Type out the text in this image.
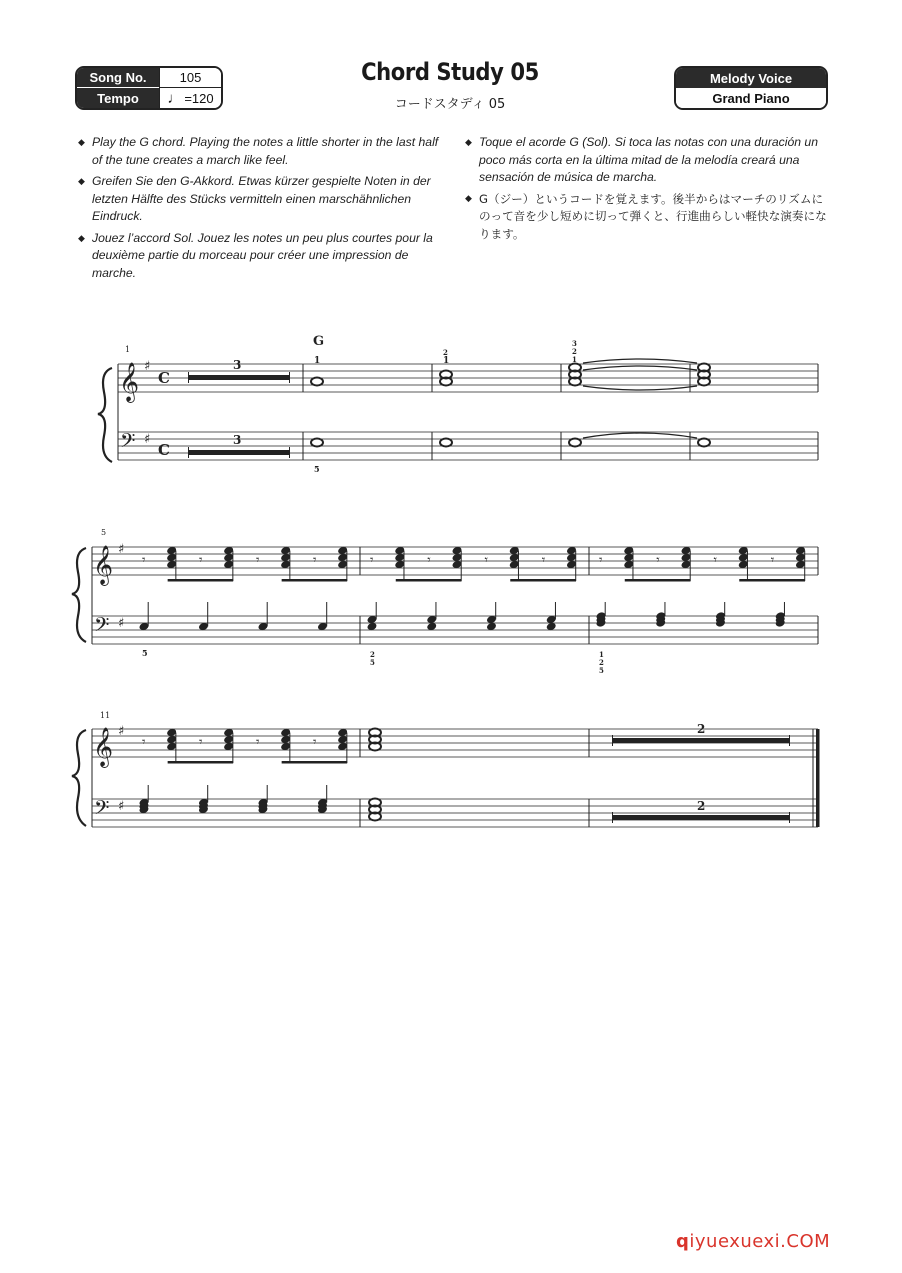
Song No.	105
Tempo	♩ =120
Chord Study 05
コードスタディ 05
Melody Voice
Grand Piano
◆ Play the G chord. Playing the notes a little shorter in the last half of the tune creates a march like feel.
◆ Greifen Sie den G-Akkord. Etwas kürzer gespielte Noten in der letzten Hälfte des Stücks vermitteln einen marschähnlichen Eindruck.
◆ Jouez l’accord Sol. Jouez les notes un peu plus courtes pour la deuxième partie du morceau pour créer une impression de marche.
◆ Toque el acorde G (Sol). Si toca las notas con una duración un poco más corta en la última mitad de la melodía creará una sensación de música de marcha.
◆ G（ジー）というコードを覚えます。後半からはマーチのリズムにのって音を少し短めに切って弾くと、行進曲らしい軽快な演奏になります。
1
𝄞 ♯
C
𝄢 ♯
C
3
3
G
1
5
2
1
3
2
1
5
𝄞 ♯
𝄢 ♯
5	2
5
1
2
5
𝄾	𝄾	𝄾	𝄾	𝄾	𝄾	𝄾	𝄾	𝄾	𝄾	𝄾	𝄾
11
𝄞 ♯
𝄢 ♯
2
2
𝄾	𝄾	𝄾	𝄾
qiyuexuexi.COM
